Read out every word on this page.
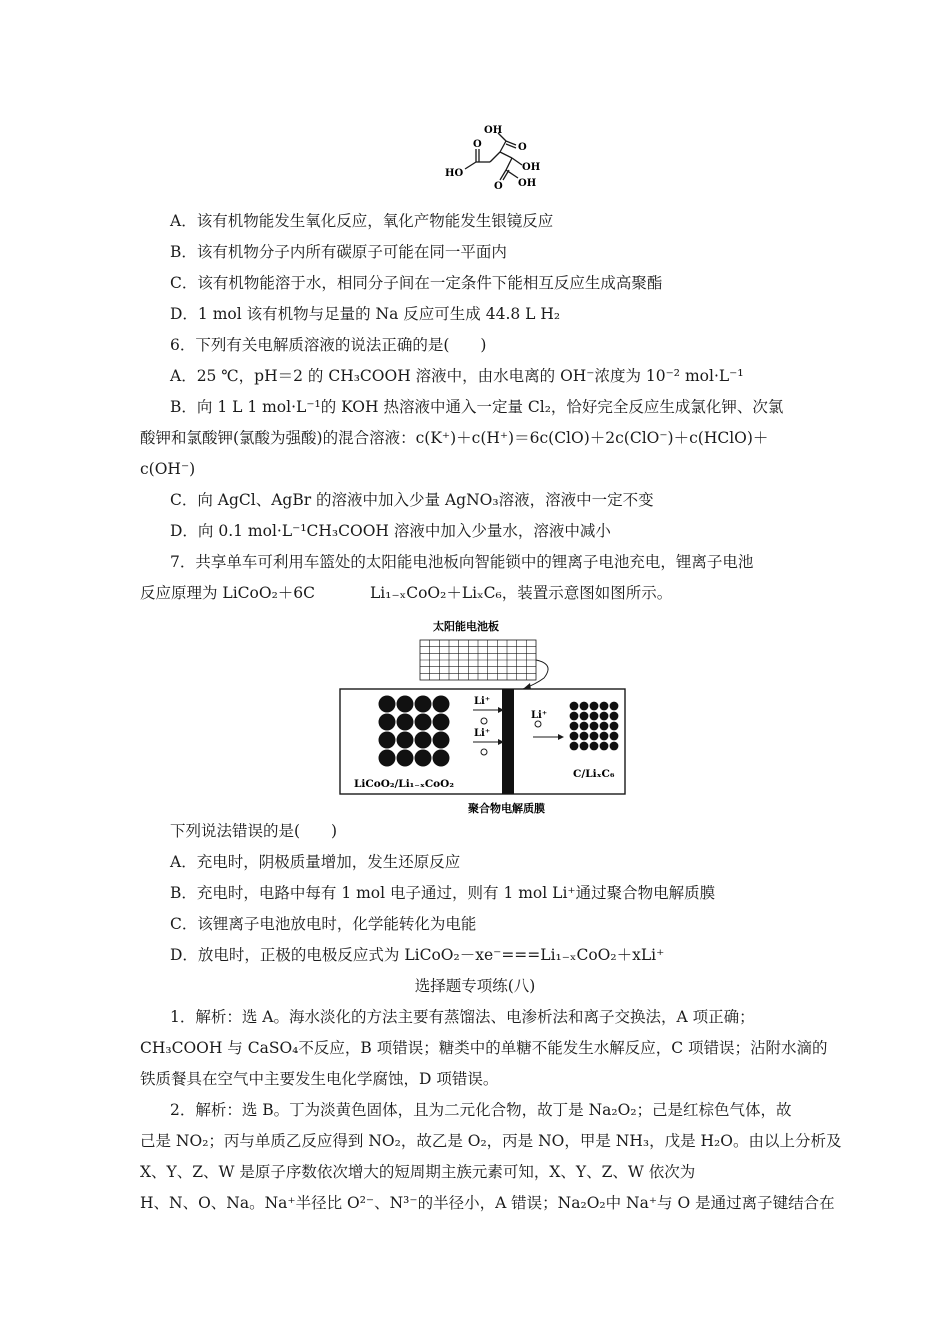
OH
O
OH
HO
O
O OH
A．该有机物能发生氧化反应，氧化产物能发生银镜反应
B．该有机物分子内所有碳原子可能在同一平面内
C．该有机物能溶于水，相同分子间在一定条件下能相互反应生成高聚酯
D．1 mol 该有机物与足量的 Na 反应可生成 44.8 L H₂
6．下列有关电解质溶液的说法正确的是(　　)
A．25 ℃，pH＝2 的 CH₃COOH 溶液中，由水电离的 OH⁻浓度为 10⁻² mol·L⁻¹
B．向 1 L 1 mol·L⁻¹的 KOH 热溶液中通入一定量 Cl₂，恰好完全反应生成氯化钾、次氯
酸钾和氯酸钾(氯酸为强酸)的混合溶液：c(K⁺)＋c(H⁺)＝6c(ClO)＋2c(ClO⁻)＋c(HClO)＋
c(OH⁻)
C．向 AgCl、AgBr 的溶液中加入少量 AgNO₃溶液，溶液中一定不变
D．向 0.1 mol·L⁻¹CH₃COOH 溶液中加入少量水，溶液中减小
7．共享单车可利用车篮处的太阳能电池板向智能锁中的锂离子电池充电，锂离子电池
反应原理为 LiCoO₂＋6C	Li₁₋ₓCoO₂＋LiₓC₆，装置示意图如图所示。
太阳能电池板
Li⁺
Li⁺
Li⁺
LiCoO₂/Li₁₋ₓCoO₂
C/LiₓC₆
聚合物电解质膜
下列说法错误的是(　　)
A．充电时，阴极质量增加，发生还原反应
B．充电时，电路中每有 1 mol 电子通过，则有 1 mol Li⁺通过聚合物电解质膜
C．该锂离子电池放电时，化学能转化为电能
D．放电时，正极的电极反应式为 LiCoO₂－xe⁻===Li₁₋ₓCoO₂＋xLi⁺
选择题专项练(八)
1．解析：选 A。海水淡化的方法主要有蒸馏法、电渗析法和离子交换法，A 项正确；
CH₃COOH 与 CaSO₄不反应，B 项错误；糖类中的单糖不能发生水解反应，C 项错误；沾附水滴的
铁质餐具在空气中主要发生电化学腐蚀，D 项错误。
2．解析：选 B。丁为淡黄色固体，且为二元化合物，故丁是 Na₂O₂；己是红棕色气体，故
己是 NO₂；丙与单质乙反应得到 NO₂，故乙是 O₂，丙是 NO，甲是 NH₃，戊是 H₂O。由以上分析及
X、Y、Z、W 是原子序数依次增大的短周期主族元素可知，X、Y、Z、W 依次为
H、N、O、Na。Na⁺半径比 O²⁻、N³⁻的半径小，A 错误；Na₂O₂中 Na⁺与 O 是通过离子键结合在
